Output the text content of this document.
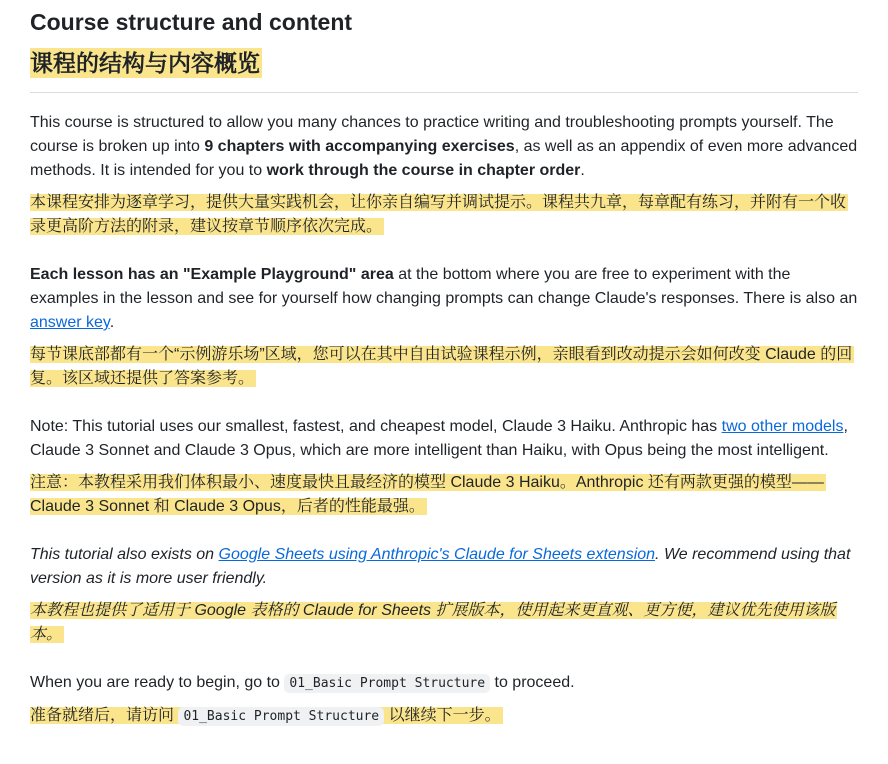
Course structure and content
课程的结构与内容概览

This course is structured to allow you many chances to practice writing and troubleshooting prompts yourself. The course is broken up into 9 chapters with accompanying exercises, as well as an appendix of even more advanced methods. It is intended for you to work through the course in chapter order.

本课程安排为逐章学习，提供大量实践机会，让你亲自编写并调试提示。课程共九章，每章配有练习，并附有一个收录更高阶方法的附录，建议按章节顺序依次完成。

Each lesson has an "Example Playground" area at the bottom where you are free to experiment with the examples in the lesson and see for yourself how changing prompts can change Claude's responses. There is also an answer key.

每节课底部都有一个“示例游乐场”区域，您可以在其中自由试验课程示例，亲眼看到改动提示会如何改变 Claude 的回复。该区域还提供了答案参考。

Note: This tutorial uses our smallest, fastest, and cheapest model, Claude 3 Haiku. Anthropic has two other models, Claude 3 Sonnet and Claude 3 Opus, which are more intelligent than Haiku, with Opus being the most intelligent.

注意：本教程采用我们体积最小、速度最快且最经济的模型 Claude 3 Haiku。Anthropic 还有两款更强的模型——Claude 3 Sonnet 和 Claude 3 Opus，后者的性能最强。

This tutorial also exists on Google Sheets using Anthropic's Claude for Sheets extension. We recommend using that version as it is more user friendly.

本教程也提供了适用于 Google 表格的 Claude for Sheets 扩展版本，使用起来更直观、更方便，建议优先使用该版本。

When you are ready to begin, go to 01_Basic Prompt Structure to proceed.

准备就绪后，请访问 01_Basic Prompt Structure 以继续下一步。
